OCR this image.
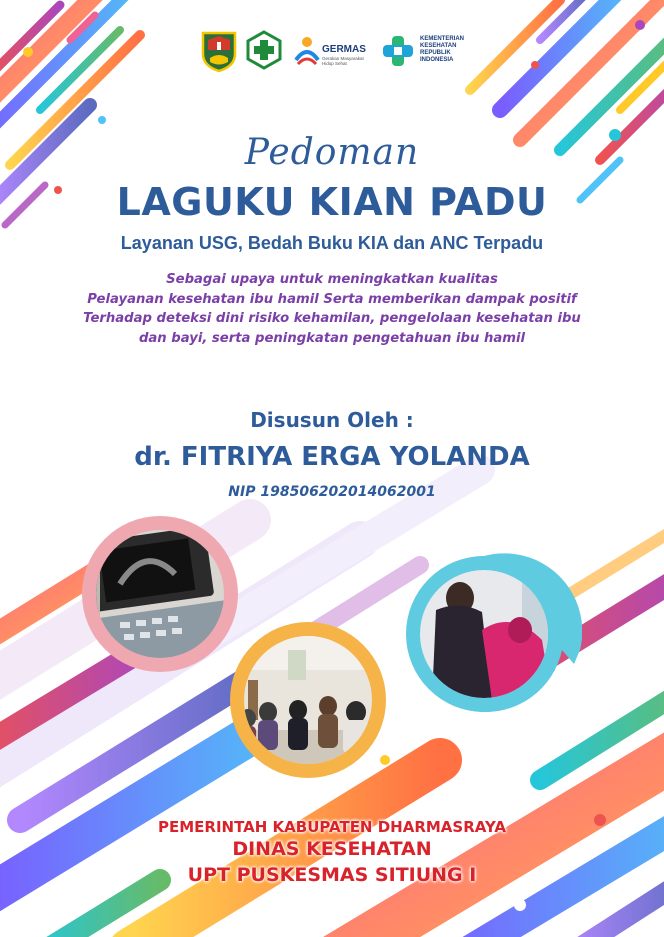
GERMAS
Gerakan Masyarakat Hidup Sehat
KEMENTERIAN KESEHATAN REPUBLIK INDONESIA
Pedoman
LAGUKU KIAN PADU
Layanan USG, Bedah Buku KIA dan ANC Terpadu
Sebagai upaya untuk meningkatkan kualitas
Pelayanan kesehatan ibu hamil Serta memberikan dampak positif
Terhadap deteksi dini risiko kehamilan, pengelolaan kesehatan ibu
dan bayi, serta peningkatan pengetahuan ibu hamil
Disusun Oleh :
dr. FITRIYA ERGA YOLANDA
NIP 198506202014062001
PEMERINTAH KABUPATEN DHARMASRAYA
DINAS KESEHATAN
UPT PUSKESMAS SITIUNG I
